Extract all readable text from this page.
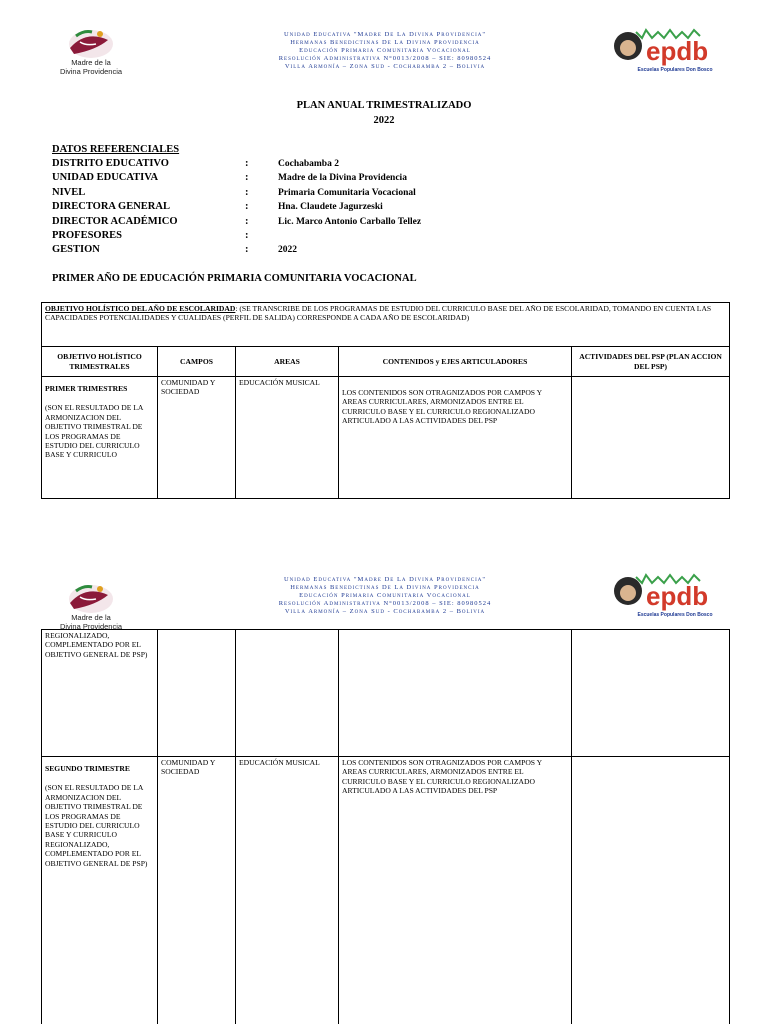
Madre de la
Divina Providencia
Unidad Educativa "Madre De La Divina Providencia"
Hermanas Benedictinas De La Divina Providencia
Educación Primaria Comunitaria Vocacional
Resolución Administrativa N°0013/2008 – SIE: 80980524
Villa Armonía – Zona Sud - Cochabamba 2 – Bolivia
epdb
Escuelas Populares Don Bosco
PLAN ANUAL TRIMESTRALIZADO
2022
DATOS REFERENCIALES
DISTRITO EDUCATIVO	:	Cochabamba 2
UNIDAD EDUCATIVA	:	Madre de la Divina Providencia
NIVEL	:	Primaria Comunitaria Vocacional
DIRECTORA GENERAL	:	Hna. Claudete Jagurzeski
DIRECTOR ACADÉMICO	:	Lic. Marco Antonio Carballo Tellez
PROFESORES	:
GESTION	:	2022
PRIMER AÑO DE EDUCACIÓN PRIMARIA COMUNITARIA VOCACIONAL
OBJETIVO HOLÍSTICO DEL AÑO DE ESCOLARIDAD: (SE TRANSCRIBE DE LOS PROGRAMAS DE ESTUDIO DEL CURRICULO BASE DEL AÑO DE ESCOLARIDAD, TOMANDO EN CUENTA LAS CAPACIDADES POTENCIALIDADES Y CUALIDAES (PERFIL DE SALIDA) CORRESPONDE A CADA AÑO DE ESCOLARIDAD)				
OBJETIVO HOLÍSTICO TRIMESTRALES	CAMPOS	AREAS	CONTENIDOS y EJES ARTICULADORES	ACTIVIDADES DEL PSP (PLAN ACCION DEL PSP)

PRIMER TRIMESTRES
(SON EL RESULTADO DE LA ARMONIZACION DEL OBJETIVO TRIMESTRAL DE LOS PROGRAMAS DE ESTUDIO DEL CURRICULO BASE Y CURRICULO	COMUNIDAD Y SOCIEDAD	EDUCACIÓN MUSICAL	LOS CONTENIDOS SON OTRAGNIZADOS POR CAMPOS Y AREAS CURRICULARES, ARMONIZADOS ENTRE EL CURRICULO BASE Y EL CURRICULO REGIONALIZADO ARTICULADO A LAS ACTIVIDADES DEL PSP	

Madre de la
Divina Providencia
Unidad Educativa "Madre De La Divina Providencia"
Hermanas Benedictinas De La Divina Providencia
Educación Primaria Comunitaria Vocacional
Resolución Administrativa N°0013/2008 – SIE: 80980524
Villa Armonía – Zona Sud - Cochabamba 2 – Bolivia
epdb
Escuelas Populares Don Bosco
REGIONALIZADO, COMPLEMENTADO POR EL OBJETIVO GENERAL DE PSP)				

SEGUNDO TRIMESTRE
(SON EL RESULTADO DE LA ARMONIZACION DEL OBJETIVO TRIMESTRAL DE LOS PROGRAMAS DE ESTUDIO DEL CURRICULO BASE Y CURRICULO REGIONALIZADO, COMPLEMENTADO POR EL OBJETIVO GENERAL DE PSP)	COMUNIDAD Y SOCIEDAD	EDUCACIÓN MUSICAL	LOS CONTENIDOS SON OTRAGNIZADOS POR CAMPOS Y AREAS CURRICULARES, ARMONIZADOS ENTRE EL CURRICULO BASE Y EL CURRICULO REGIONALIZADO ARTICULADO A LAS ACTIVIDADES DEL PSP	
